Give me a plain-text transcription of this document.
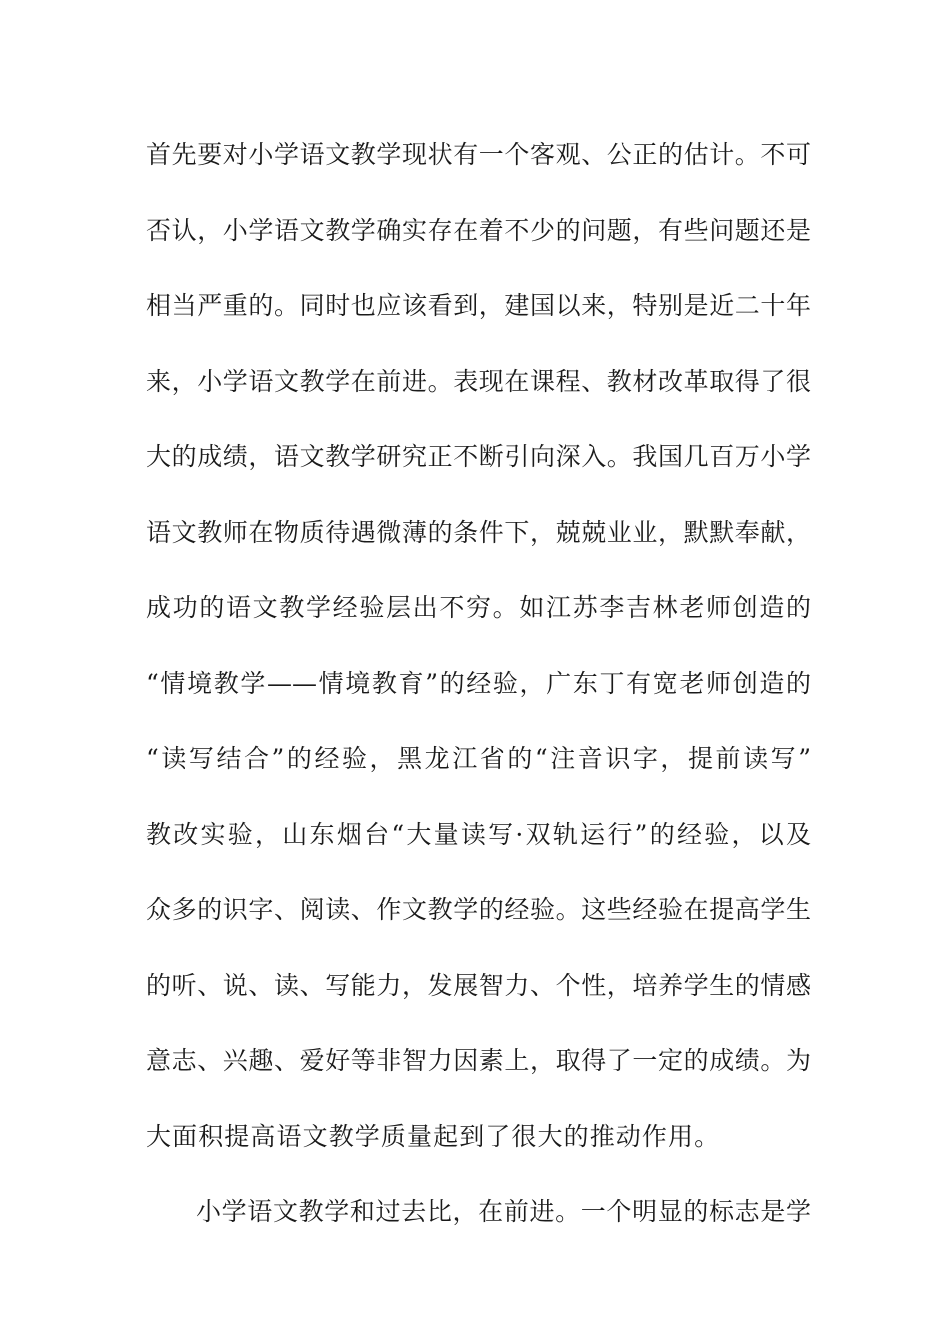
首先要对小学语文教学现状有一个客观、公正的估计。不可
否认，小学语文教学确实存在着不少的问题，有些问题还是
相当严重的。同时也应该看到，建国以来，特别是近二十年
来，小学语文教学在前进。表现在课程、教材改革取得了很
大的成绩，语文教学研究正不断引向深入。我国几百万小学
语文教师在物质待遇微薄的条件下，兢兢业业，默默奉献，
成功的语文教学经验层出不穷。如江苏李吉林老师创造的
“情境教学——情境教育”的经验，广东丁有宽老师创造的
“读写结合”的经验，黑龙江省的“注音识字，提前读写”
教改实验，山东烟台“大量读写·双轨运行”的经验，以及
众多的识字、阅读、作文教学的经验。这些经验在提高学生
的听、说、读、写能力，发展智力、个性，培养学生的情感
意志、兴趣、爱好等非智力因素上，取得了一定的成绩。为
大面积提高语文教学质量起到了很大的推动作用。
小学语文教学和过去比，在前进。一个明显的标志是学
